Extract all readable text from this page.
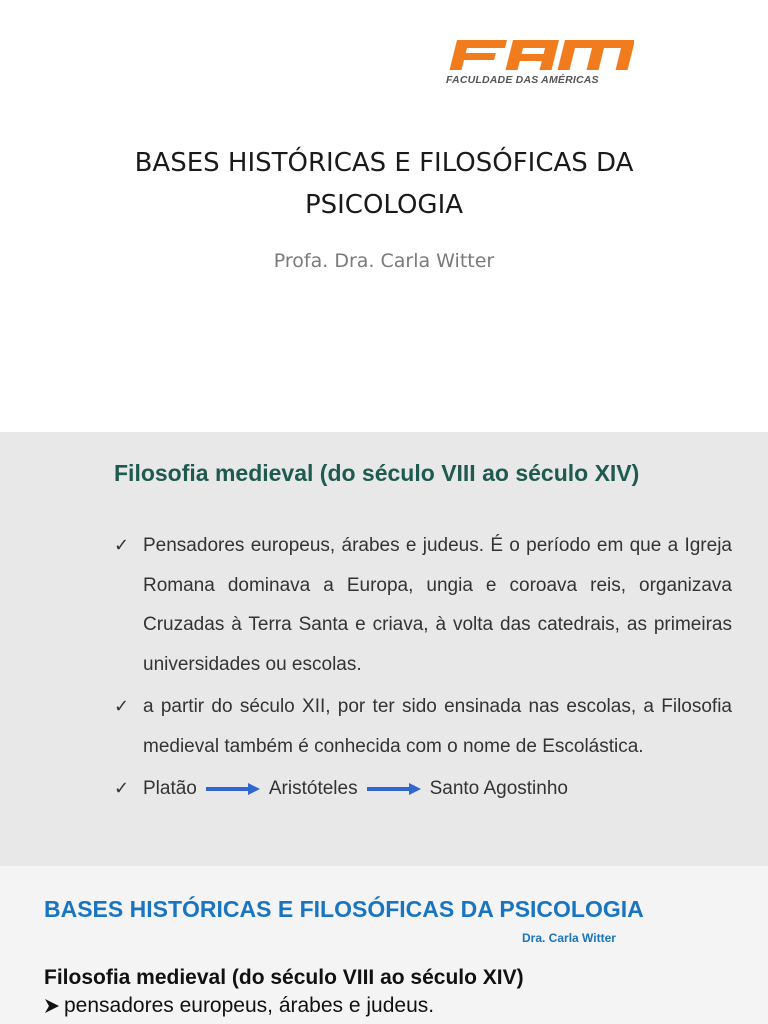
FAM
FACULDADE DAS AMÉRICAS
BASES HISTÓRICAS E FILOSÓFICAS DA
PSICOLOGIA
Profa. Dra. Carla Witter
Filosofia medieval (do século VIII ao século XIV)
✓ Pensadores europeus, árabes e judeus. É o período em que a Igreja Romana dominava a Europa, ungia e coroava reis, organizava Cruzadas à Terra Santa e criava, à volta das catedrais, as primeiras universidades ou escolas.
✓ a partir do século XII, por ter sido ensinada nas escolas, a Filosofia medieval também é conhecida com o nome de Escolástica.
✓ Platão	Aristóteles	Santo Agostinho
BASES HISTÓRICAS E FILOSÓFICAS DA PSICOLOGIA
Dra. Carla Witter
Filosofia medieval (do século VIII ao século XIV)
pensadores europeus, árabes e judeus.
